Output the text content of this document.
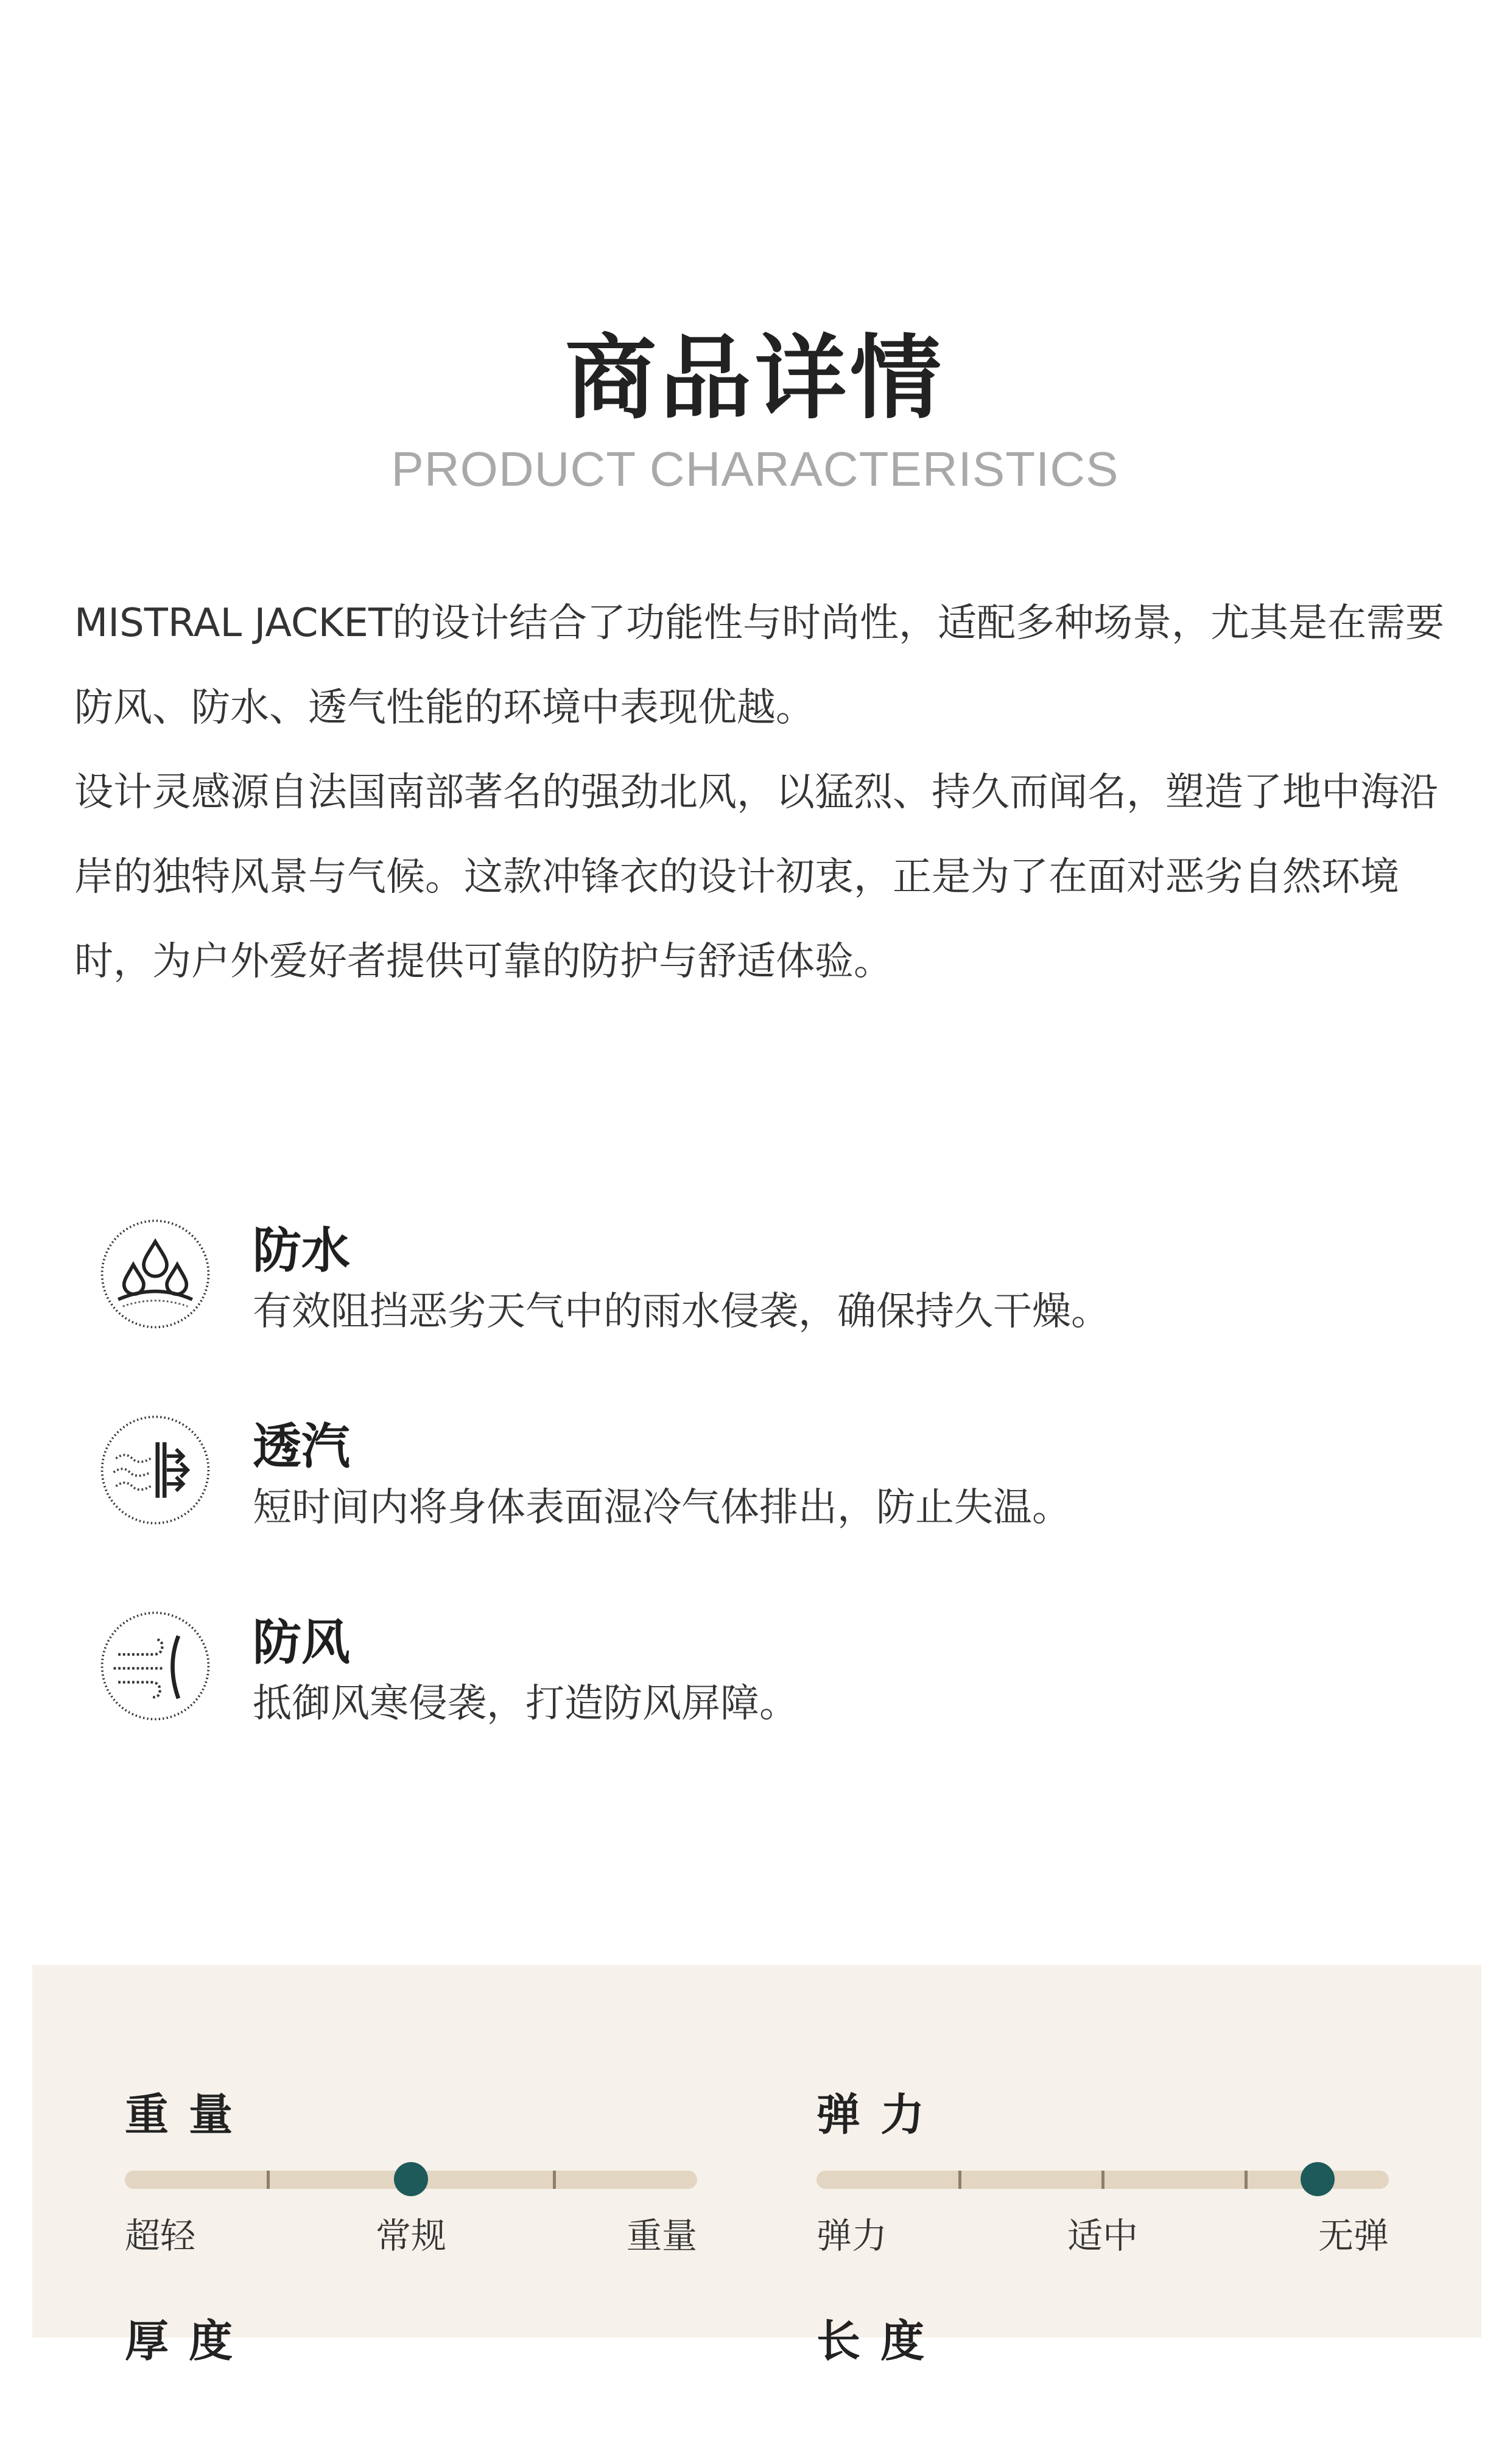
商品详情
PRODUCT CHARACTERISTICS

MISTRAL JACKET的设计结合了功能性与时尚性，适配多种场景，尤其是在需要防风、防水、透气性能的环境中表现优越。

设计灵感源自法国南部著名的强劲北风，以猛烈、持久而闻名，塑造了地中海沿岸的独特风景与气候。这款冲锋衣的设计初衷，正是为了在面对恶劣自然环境时，为户外爱好者提供可靠的防护与舒适体验。

防水
有效阻挡恶劣天气中的雨水侵袭，确保持久干燥。
透汽
短时间内将身体表面湿冷气体排出，防止失温。
防风
抵御风寒侵袭，打造防风屏障。
重 量
超轻	常规	重量
弹 力
弹力	适中	无弹
厚 度	长 度
